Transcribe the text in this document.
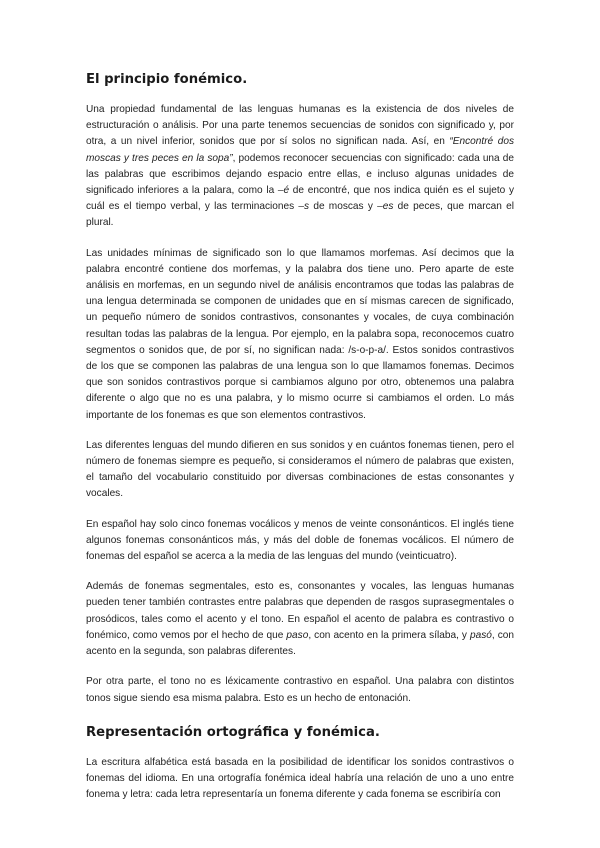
El principio fonémico.

Una propiedad fundamental de las lenguas humanas es la existencia de dos niveles de estructuración o análisis. Por una parte tenemos secuencias de sonidos con significado y, por otra, a un nivel inferior, sonidos que por sí solos no significan nada. Así, en “Encontré dos moscas y tres peces en la sopa”, podemos reconocer secuencias con significado: cada una de las palabras que escribimos dejando espacio entre ellas, e incluso algunas unidades de significado inferiores a la palara, como la –é de encontré, que nos indica quién es el sujeto y cuál es el tiempo verbal, y las terminaciones –s de moscas y –es de peces, que marcan el plural.

Las unidades mínimas de significado son lo que llamamos morfemas. Así decimos que la palabra encontré contiene dos morfemas, y la palabra dos tiene uno. Pero aparte de este análisis en morfemas, en un segundo nivel de análisis encontramos que todas las palabras de una lengua determinada se componen de unidades que en sí mismas carecen de significado, un pequeño número de sonidos contrastivos, consonantes y vocales, de cuya combinación resultan todas las palabras de la lengua. Por ejemplo, en la palabra sopa, reconocemos cuatro segmentos o sonidos que, de por sí, no significan nada: /s-o-p-a/. Estos sonidos contrastivos de los que se componen las palabras de una lengua son lo que llamamos fonemas. Decimos que son sonidos contrastivos porque si cambiamos alguno por otro, obtenemos una palabra diferente o algo que no es una palabra, y lo mismo ocurre si cambiamos el orden. Lo más importante de los fonemas es que son elementos contrastivos.

Las diferentes lenguas del mundo difieren en sus sonidos y en cuántos fonemas tienen, pero el número de fonemas siempre es pequeño, si consideramos el número de palabras que existen, el tamaño del vocabulario constituido por diversas combinaciones de estas consonantes y vocales.

En español hay solo cinco fonemas vocálicos y menos de veinte consonánticos. El inglés tiene algunos fonemas consonánticos más, y más del doble de fonemas vocálicos. El número de fonemas del español se acerca a la media de las lenguas del mundo (veinticuatro).

Además de fonemas segmentales, esto es, consonantes y vocales, las lenguas humanas pueden tener también contrastes entre palabras que dependen de rasgos suprasegmentales o prosódicos, tales como el acento y el tono. En español el acento de palabra es contrastivo o fonémico, como vemos por el hecho de que paso, con acento en la primera sílaba, y pasó, con acento en la segunda, son palabras diferentes.

Por otra parte, el tono no es léxicamente contrastivo en español. Una palabra con distintos tonos sigue siendo esa misma palabra. Esto es un hecho de entonación.

Representación ortográfica y fonémica.

La escritura alfabética está basada en la posibilidad de identificar los sonidos contrastivos o fonemas del idioma. En una ortografía fonémica ideal habría una relación de uno a uno entre fonema y letra: cada letra representaría un fonema diferente y cada fonema se escribiría con
